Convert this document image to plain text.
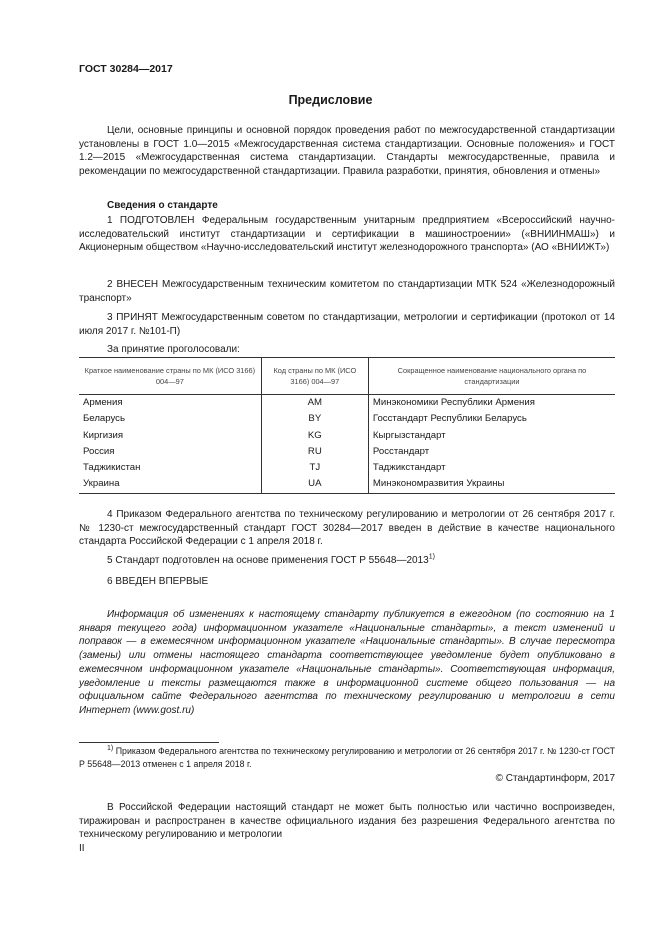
ГОСТ 30284—2017
Предисловие
Цели, основные принципы и основной порядок проведения работ по межгосударственной стандартизации установлены в ГОСТ 1.0—2015 «Межгосударственная система стандартизации. Основные положения» и ГОСТ 1.2—2015 «Межгосударственная система стандартизации. Стандарты межгосударственные, правила и рекомендации по межгосударственной стандартизации. Правила разработки, принятия, обновления и отмены»
Сведения о стандарте
1 ПОДГОТОВЛЕН Федеральным государственным унитарным предприятием «Всероссийский научно-исследовательский институт стандартизации и сертификации в машиностроении» («ВНИИНМАШ») и Акционерным обществом «Научно-исследовательский институт железнодорожного транспорта» (АО «ВНИИЖТ»)
2 ВНЕСЕН Межгосударственным техническим комитетом по стандартизации МТК 524 «Железнодорожный транспорт»
3 ПРИНЯТ Межгосударственным советом по стандартизации, метрологии и сертификации (протокол от 14 июля 2017 г. №101-П)
За принятие проголосовали:
Краткое наименование страны по МК (ИСО 3166) 004—97	Код страны по МК (ИСО 3166) 004—97	Сокращенное наименование национального органа по стандартизации
Армения	AM	Минэкономики Республики Армения
Беларусь	BY	Госстандарт Республики Беларусь
Киргизия	KG	Кыргызстандарт
Россия	RU	Росстандарт
Таджикистан	TJ	Таджикстандарт
Украина	UA	Минэкономразвития Украины
4 Приказом Федерального агентства по техническому регулированию и метрологии от 26 сентября 2017 г. № 1230-ст межгосударственный стандарт ГОСТ 30284—2017 введен в действие в качестве национального стандарта Российской Федерации с 1 апреля 2018 г.
5 Стандарт подготовлен на основе применения ГОСТ Р 55648—2013$^{1)}$
6 ВВЕДЕН ВПЕРВЫЕ
Информация об изменениях к настоящему стандарту публикуется в ежегодном (по состоянию на 1 января текущего года) информационном указателе «Национальные стандарты», а текст изменений и поправок — в ежемесячном информационном указателе «Национальные стандарты». В случае пересмотра (замены) или отмены настоящего стандарта соответствующее уведомление будет опубликовано в ежемесячном информационном указателе «Национальные стандарты». Соответствующая информация, уведомление и тексты размещаются также в информационной системе общего пользования — на официальном сайте Федерального агентства по техническому регулированию и метрологии в сети Интернет (www.gost.ru)
$^{1)}$ Приказом Федерального агентства по техническому регулированию и метрологии от 26 сентября 2017 г. № 1230-ст ГОСТ Р 55648—2013 отменен с 1 апреля 2018 г.
© Стандартинформ, 2017
В Российской Федерации настоящий стандарт не может быть полностью или частично воспроизведен, тиражирован и распространен в качестве официального издания без разрешения Федерального агентства по техническому регулированию и метрологии
II
